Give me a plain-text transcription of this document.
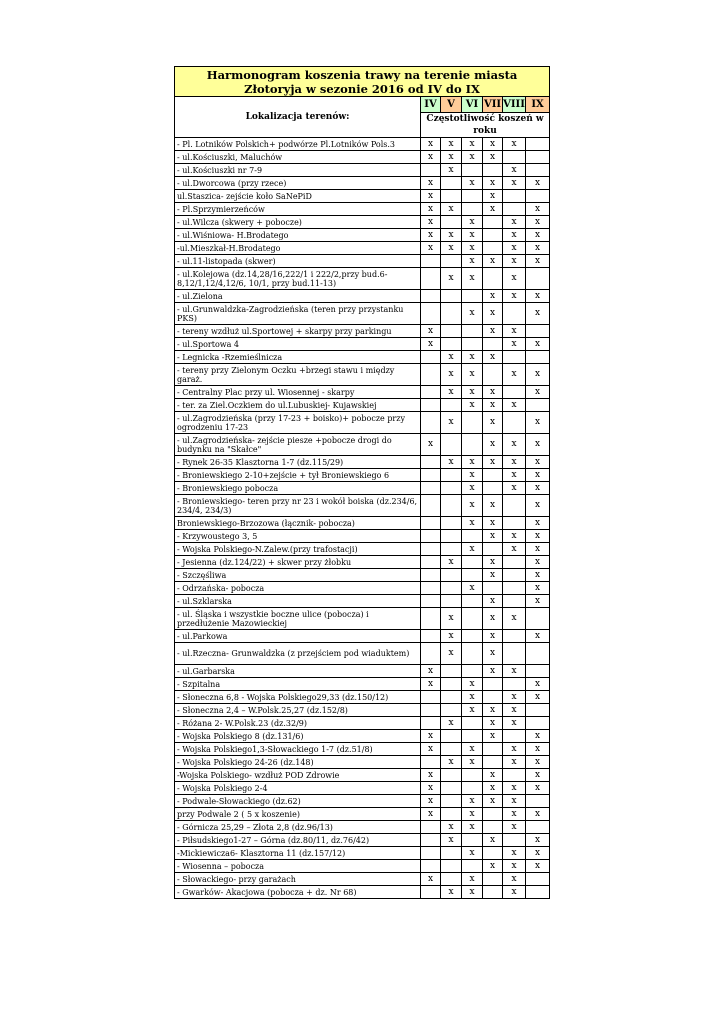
Harmonogram koszenia trawy na terenie miasta
Złotoryja w sezonie 2016 od IV do IX						

Lokalizacja terenów:	IV	V	VI	VII	VIII	IX
	Częstotliwość koszeń w roku					
- Pl. Lotników Polskich+ podwórze Pl.Lotników Pols.3	x	x	x	x	x	
- ul.Kościuszki, Maluchów	x	x	x	x		
- ul.Kościuszki nr 7-9		x			x	
- ul.Dworcowa (przy rzece)	x		x	x	x	x
ul.Staszica- zejście koło SaNePiD	x			x		
- Pl.Sprzymierzeńców	x	x		x		x
- ul.Wilcza (skwery + pobocze)	x		x		x	x
- ul.Wiśniowa- H.Brodatego	x	x	x		x	x
-ul.Mieszkał-H.Brodatego	x	x	x		x	x
- ul.11-listopada (skwer)			x	x	x	x
- ul.Kolejowa (dz.14,28/16,222/1 i 222/2,przy bud.6-8,12/1,12/4,12/6, 10/1, przy bud.11-13)		x	x		x	
- ul.Zielona				x	x	x
- ul.Grunwaldzka-Zagrodzieńska (teren przy przystanku PKS)			x	x		x
- tereny wzdłuż ul.Sportowej + skarpy przy parkingu	x			x	x	
- ul.Sportowa 4	x				x	x
- Legnicka -Rzemieślnicza		x	x	x		
- tereny przy Zielonym Oczku +brzegi stawu i między garaż.		x	x		x	x
- Centralny Plac przy ul. Wiosennej - skarpy		x	x	x		x
- ter. za Ziel.Oczkiem do ul.Lubuskiej- Kujawskiej			x	x	x	
- ul.Zagrodzieńska (przy 17-23 + boisko)+ pobocze przy ogrodzeniu 17-23		x		x		x
- ul.Zagrodzieńska- zejście piesze +pobocze drogi do budynku na "Skałce"	x			x	x	x
- Rynek 26-35 Klasztorna 1-7 (dz.115/29)		x	x	x	x	x
- Broniewskiego 2-10+zejście + tył Broniewskiego 6			x		x	x
- Broniewskiego pobocza			x		x	x
- Broniewskiego- teren przy nr 23 i wokół boiska (dz.234/6, 234/4, 234/3)			x	x		x
Broniewskiego-Brzozowa (łącznik- pobocza)			x	x		x
- Krzywoustego 3, 5				x	x	x
- Wojska Polskiego-N.Zalew.(przy trafostacji)			x		x	x
- Jesienna (dz.124/22) + skwer przy żłobku		x		x		x
- Szczęśliwa				x		x
- Odrzańska- pobocza			x			x
- ul.Szklarska				x		x
- ul. Śląska i wszystkie boczne ulice (pobocza) i przedłużenie Mazowieckiej		x		x	x	
- ul.Parkowa		x		x		x
- ul.Rzeczna- Grunwaldzka (z przejściem pod wiaduktem)		x		x		
- ul.Garbarska	x			x	x	
- Szpitalna	x		x			x
- Słoneczna 6,8 - Wojska Polskiego29,33 (dz.150/12)			x		x	x
- Słoneczna 2,4 – W.Polsk.25,27 (dz.152/8)			x	x	x	
- Różana 2- W.Polsk.23 (dz.32/9)		x		x	x	
- Wojska Polskiego 8 (dz.131/6)	x			x		x
- Wojska Polskiego1,3-Słowackiego 1-7 (dz.51/8)	x		x		x	x
- Wojska Polskiego 24-26 (dz.148)		x	x		x	x
-Wojska Polskiego- wzdłuż POD Zdrowie	x			x		x
- Wojska Polskiego 2-4	x			x	x	x
- Podwale-Słowackiego (dz.62)	x		x	x	x	
przy Podwale 2 ( 5 x koszenie)	x		x		x	x
- Górnicza 25,29 – Złota 2,8 (dz.96/13)		x	x		x	
- Piłsudskiego1-27 – Górna (dz.80/11, dz.76/42)		x		x		x
-Mickiewicza6- Klasztorna 11 (dz.157/12)			x		x	x
- Wiosenna – pobocza				x	x	x
- Słowackiego- przy garażach	x		x		x	
- Gwarków- Akacjowa (pobocza + dz. Nr 68)		x	x		x	
